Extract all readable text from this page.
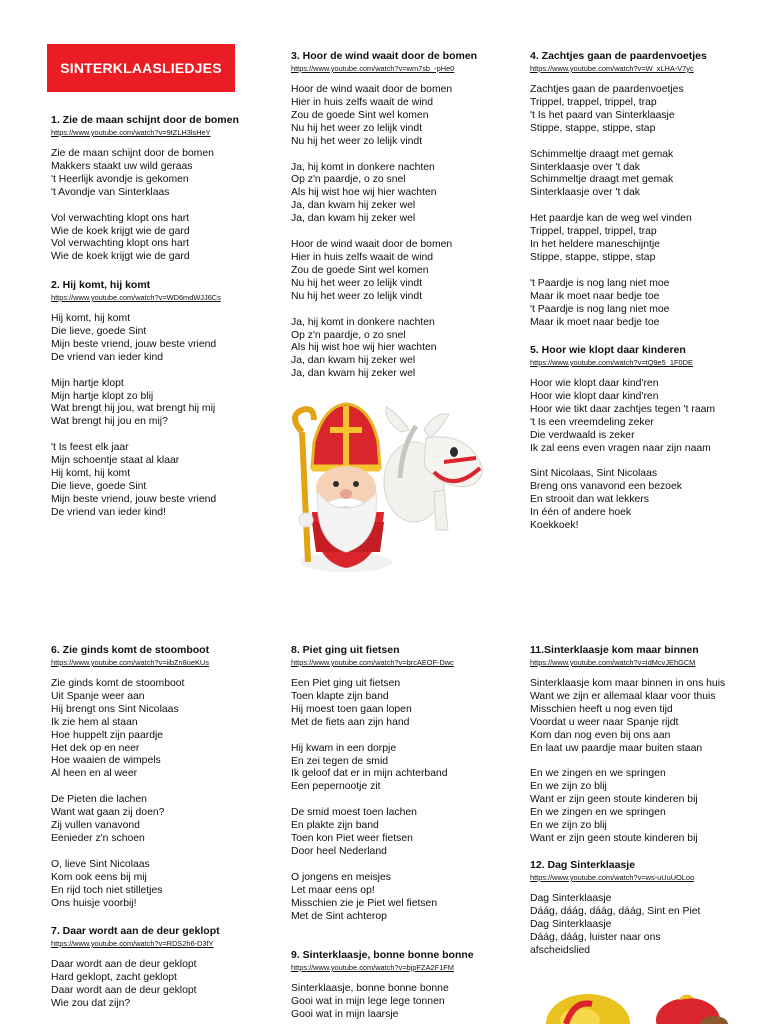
SINTERKLAASLIEDJES
1. Zie de maan schijnt door de bomen
https://www.youtube.com/watch?v=9tZLH3lsHeY
Zie de maan schijnt door de bomen
Makkers staakt uw wild geraas
't Heerlijk avondje is gekomen
't Avondje van Sinterklaas
Vol verwachting klopt ons hart
Wie de koek krijgt wie de gard
Vol verwachting klopt ons hart
Wie de koek krijgt wie de gard
2. Hij komt, hij komt
https://www.youtube.com/watch?v=WD6mdWJJ6Cs
Hij komt, hij komt
Die lieve, goede Sint
Mijn beste vriend, jouw beste vriend
De vriend van ieder kind
Mijn hartje klopt
Mijn hartje klopt zo blij
Wat brengt hij jou, wat brengt hij mij
Wat brengt hij jou en mij?
't Is feest elk jaar
Mijn schoentje staat al klaar
Hij komt, hij komt
Die lieve, goede Sint
Mijn beste vriend, jouw beste vriend
De vriend van ieder kind!
6. Zie ginds komt de stoomboot
https://www.youtube.com/watch?v=iibZn8ueKUs
Zie ginds komt de stoomboot
Uit Spanje weer aan
Hij brengt ons Sint Nicolaas
Ik zie hem al staan
Hoe huppelt zijn paardje
Het dek op en neer
Hoe waaien de wimpels
Al heen en al weer
De Pieten die lachen
Want wat gaan zij doen?
Zij vullen vanavond
Eenieder z'n schoen
O, lieve Sint Nicolaas
Kom ook eens bij mij
En rijd toch niet stilletjes
Ons huisje voorbij!
7. Daar wordt aan de deur geklopt
https://www.youtube.com/watch?v=RDS2h6-D3fY
Daar wordt aan de deur geklopt
Hard geklopt, zacht geklopt
Daar wordt aan de deur geklopt
Wie zou dat zijn?
3. Hoor de wind waait door de bomen
https://www.youtube.com/watch?v=wm7sb_-pHe0
Hoor de wind waait door de bomen
Hier in huis zelfs waait de wind
Zou de goede Sint wel komen
Nu hij het weer zo lelijk vindt
Nu hij het weer zo lelijk vindt
Ja, hij komt in donkere nachten
Op z'n paardje, o zo snel
Als hij wist hoe wij hier wachten
Ja, dan kwam hij zeker wel
Ja, dan kwam hij zeker wel
Hoor de wind waait door de bomen
Hier in huis zelfs waait de wind
Zou de goede Sint wel komen
Nu hij het weer zo lelijk vindt
Nu hij het weer zo lelijk vindt
Ja, hij komt in donkere nachten
Op z'n paardje, o zo snel
Als hij wist hoe wij hier wachten
Ja, dan kwam hij zeker wel
Ja, dan kwam hij zeker wel
8. Piet ging uit fietsen
https://www.youtube.com/watch?v=brcAEOF-Dwc
Een Piet ging uit fietsen
Toen klapte zijn band
Hij moest toen gaan lopen
Met de fiets aan zijn hand
Hij kwam in een dorpje
En zei tegen de smid
Ik geloof dat er in mijn achterband
Een pepernootje zit
De smid moest toen lachen
En plakte zijn band
Toen kon Piet weer fietsen
Door heel Nederland
O jongens en meisjes
Let maar eens op!
Misschien zie je Piet wel fietsen
Met de Sint achterop
9. Sinterklaasje, bonne bonne bonne
https://www.youtube.com/watch?v=bjpFZA2F1FM
Sinterklaasje, bonne bonne bonne
Gooi wat in mijn lege lege tonnen
Gooi wat in mijn laarsje
4. Zachtjes gaan de paardenvoetjes
https://www.youtube.com/watch?v=W_xLHA-V7yc
Zachtjes gaan de paardenvoetjes
Trippel, trappel, trippel, trap
't Is het paard van Sinterklaasje
Stippe, stappe, stippe, stap
Schimmeltje draagt met gemak
Sinterklaasje over 't dak
Schimmeltje draagt met gemak
Sinterklaasje over 't dak
Het paardje kan de weg wel vinden
Trippel, trappel, trippel, trap
In het heldere maneschijntje
Stippe, stappe, stippe, stap
't Paardje is nog lang niet moe
Maar ik moet naar bedje toe
't Paardje is nog lang niet moe
Maar ik moet naar bedje toe
5. Hoor wie klopt daar kinderen
https://www.youtube.com/watch?v=tQ9e5_1F0DE
Hoor wie klopt daar kind'ren
Hoor wie klopt daar kind'ren
Hoor wie tikt daar zachtjes tegen 't raam
't Is een vreemdeling zeker
Die verdwaald is zeker
Ik zal eens even vragen naar zijn naam
Sint Nicolaas, Sint Nicolaas
Breng ons vanavond een bezoek
En strooit dan wat lekkers
In één of andere hoek
Koekkoek!
11.Sinterklaasje kom maar binnen
https://www.youtube.com/watch?v=IdMcvJEhGCM
Sinterklaasje kom maar binnen in ons huis
Want we zijn er allemaal klaar voor thuis
Misschien heeft u nog even tijd
Voordat u weer naar Spanje rijdt
Kom dan nog even bij ons aan
En laat uw paardje maar buiten staan
En we zingen en we springen
En we zijn zo blij
Want er zijn geen stoute kinderen bij
En we zingen en we springen
En we zijn zo blij
Want er zijn geen stoute kinderen bij
12. Dag Sinterklaasje
https://www.youtube.com/watch?v=ws-uUuUOLoo
Dag Sinterklaasje
Dáág, dáág, dáág, dáág, Sint en Piet
Dag Sinterklaasje
Dáág, dáág, luister naar ons
afscheidslied
